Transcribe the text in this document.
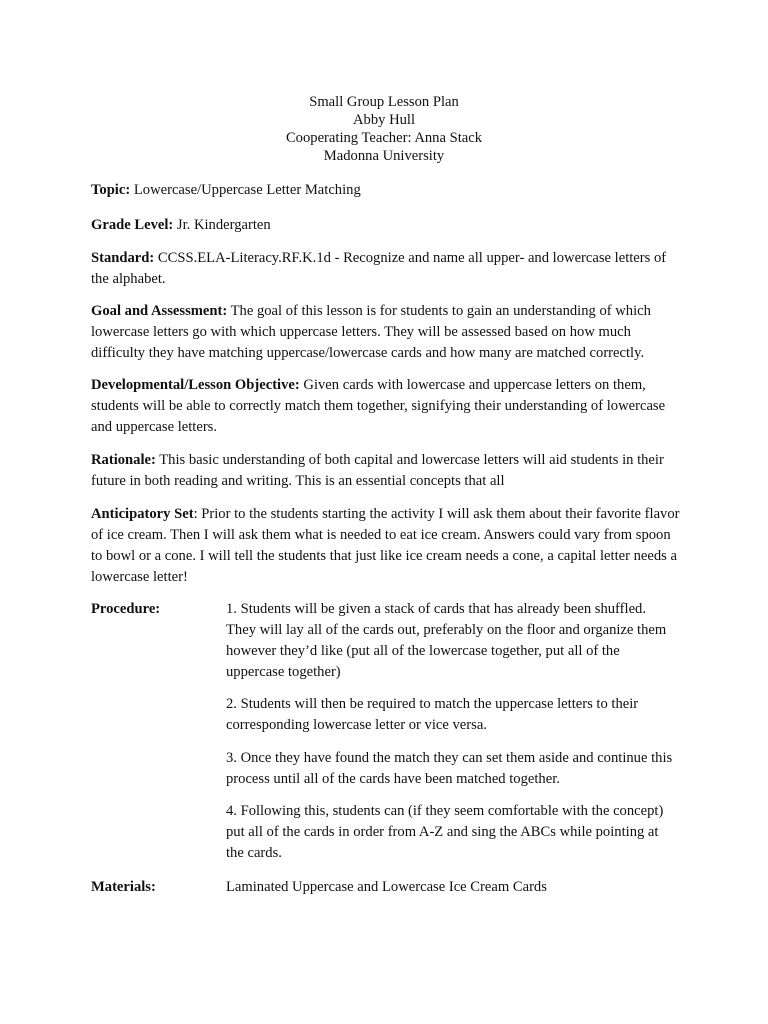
Small Group Lesson Plan
Abby Hull
Cooperating Teacher: Anna Stack
Madonna University
Topic: Lowercase/Uppercase Letter Matching
Grade Level: Jr. Kindergarten
Standard: CCSS.ELA-Literacy.RF.K.1d - Recognize and name all upper- and lowercase letters of the alphabet.
Goal and Assessment: The goal of this lesson is for students to gain an understanding of which lowercase letters go with which uppercase letters. They will be assessed based on how much difficulty they have matching uppercase/lowercase cards and how many are matched correctly.
Developmental/Lesson Objective: Given cards with lowercase and uppercase letters on them, students will be able to correctly match them together, signifying their understanding of lowercase and uppercase letters.
Rationale: This basic understanding of both capital and lowercase letters will aid students in their future in both reading and writing. This is an essential concepts that all
Anticipatory Set: Prior to the students starting the activity I will ask them about their favorite flavor of ice cream. Then I will ask them what is needed to eat ice cream. Answers could vary from spoon to bowl or a cone. I will tell the students that just like ice cream needs a cone, a capital letter needs a lowercase letter!
Procedure:	1. Students will be given a stack of cards that has already been shuffled. They will lay all of the cards out, preferably on the floor and organize them however they’d like (put all of the lowercase together, put all of the uppercase together)
2. Students will then be required to match the uppercase letters to their corresponding lowercase letter or vice versa.
3. Once they have found the match they can set them aside and continue this process until all of the cards have been matched together.
4. Following this, students can (if they seem comfortable with the concept) put all of the cards in order from A-Z and sing the ABCs while pointing at the cards.
Materials:	Laminated Uppercase and Lowercase Ice Cream Cards
